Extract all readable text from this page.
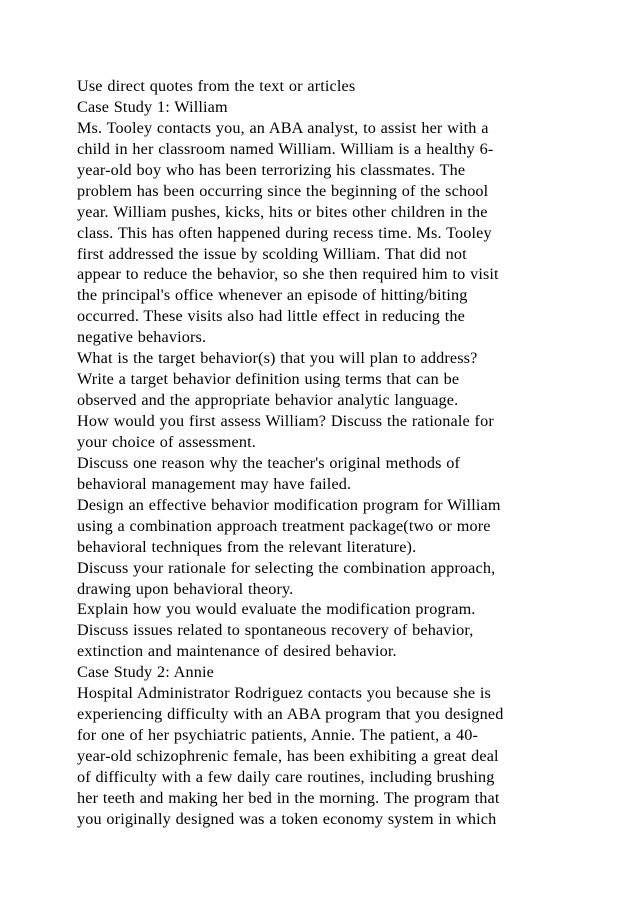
Use direct quotes from the text or articles
Case Study 1: William
Ms. Tooley contacts you, an ABA analyst, to assist her with a
child in her classroom named William. William is a healthy 6-
year-old boy who has been terrorizing his classmates. The
problem has been occurring since the beginning of the school
year. William pushes, kicks, hits or bites other children in the
class. This has often happened during recess time. Ms. Tooley
first addressed the issue by scolding William. That did not
appear to reduce the behavior, so she then required him to visit
the principal's office whenever an episode of hitting/biting
occurred. These visits also had little effect in reducing the
negative behaviors.
What is the target behavior(s) that you will plan to address?
Write a target behavior definition using terms that can be
observed and the appropriate behavior analytic language.
How would you first assess William? Discuss the rationale for
your choice of assessment.
Discuss one reason why the teacher's original methods of
behavioral management may have failed.
Design an effective behavior modification program for William
using a combination approach treatment package(two or more
behavioral techniques from the relevant literature).
Discuss your rationale for selecting the combination approach,
drawing upon behavioral theory.
Explain how you would evaluate the modification program.
Discuss issues related to spontaneous recovery of behavior,
extinction and maintenance of desired behavior.
Case Study 2: Annie
Hospital Administrator Rodriguez contacts you because she is
experiencing difficulty with an ABA program that you designed
for one of her psychiatric patients, Annie. The patient, a 40-
year-old schizophrenic female, has been exhibiting a great deal
of difficulty with a few daily care routines, including brushing
her teeth and making her bed in the morning. The program that
you originally designed was a token economy system in which
